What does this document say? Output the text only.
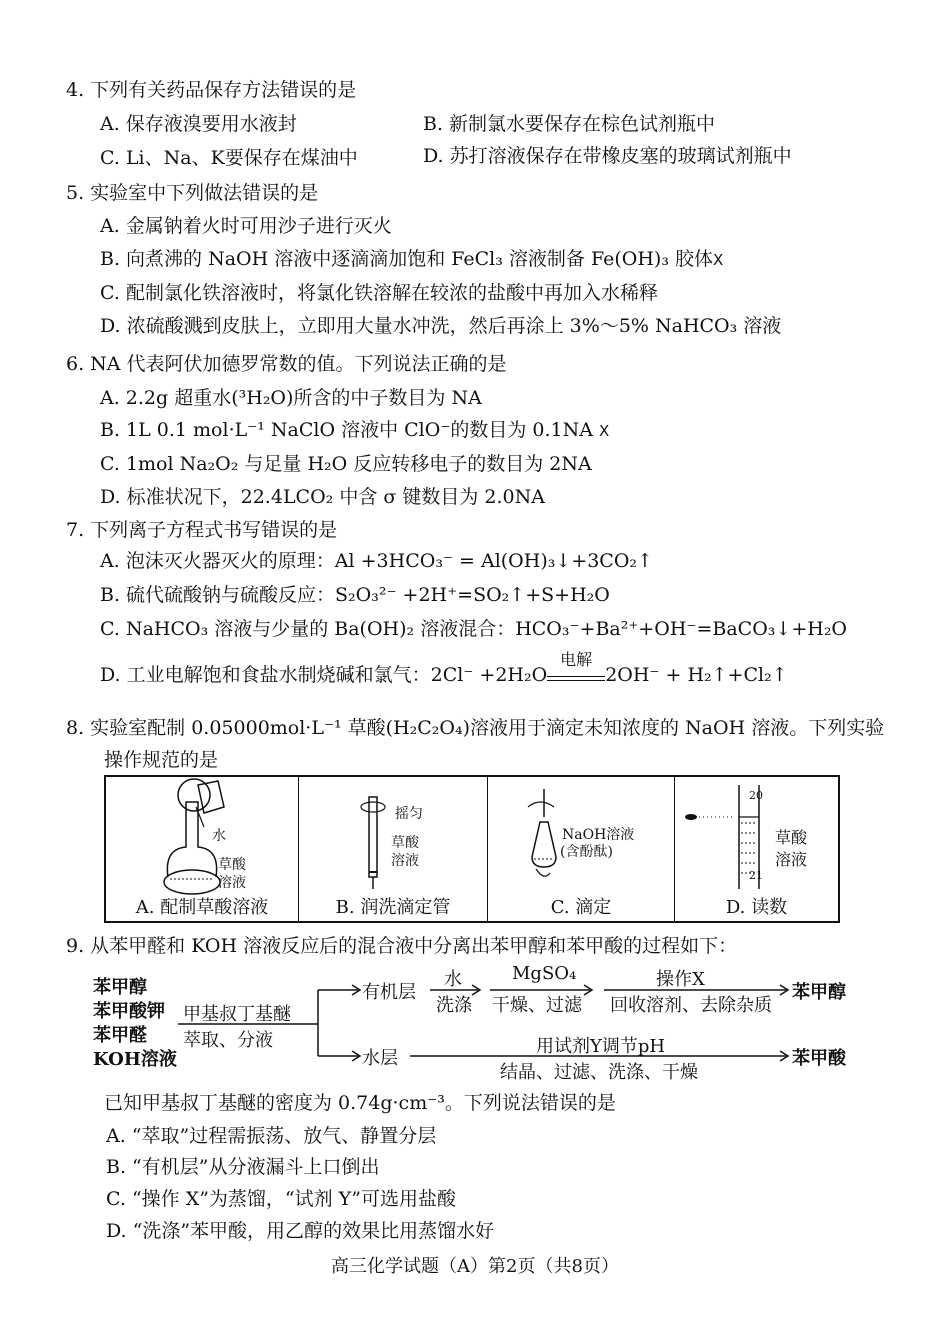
4. 下列有关药品保存方法错误的是
A. 保存液溴要用水液封	B. 新制氯水要保存在棕色试剂瓶中
C. Li、Na、K要保存在煤油中	D. 苏打溶液保存在带橡皮塞的玻璃试剂瓶中
5. 实验室中下列做法错误的是
A. 金属钠着火时可用沙子进行灭火
B. 向煮沸的 NaOH 溶液中逐滴滴加饱和 FeCl₃ 溶液制备 Fe(OH)₃ 胶体X
C. 配制氯化铁溶液时，将氯化铁溶解在较浓的盐酸中再加入水稀释
D. 浓硫酸溅到皮肤上，立即用大量水冲洗，然后再涂上 3%～5% NaHCO₃ 溶液
6. NA 代表阿伏加德罗常数的值。下列说法正确的是
A. 2.2g 超重水(³H₂O)所含的中子数目为 NA
B. 1L 0.1 mol·L⁻¹ NaClO 溶液中 ClO⁻的数目为 0.1NA X
C. 1mol Na₂O₂ 与足量 H₂O 反应转移电子的数目为 2NA
D. 标准状况下，22.4LCO₂ 中含 σ 键数目为 2.0NA
7. 下列离子方程式书写错误的是
A. 泡沫灭火器灭火的原理：Al +3HCO₃⁻ = Al(OH)₃↓+3CO₂↑
B. 硫代硫酸钠与硫酸反应：S₂O₃²⁻ +2H⁺=SO₂↑+S+H₂O
C. NaHCO₃ 溶液与少量的 Ba(OH)₂ 溶液混合：HCO₃⁻+Ba²⁺+OH⁻=BaCO₃↓+H₂O
D. 工业电解饱和食盐水制烧碱和氯气：2Cl⁻ +2H₂O
电解
2OH⁻ + H₂↑+Cl₂↑
8. 实验室配制 0.05000mol·L⁻¹ 草酸(H₂C₂O₄)溶液用于滴定未知浓度的 NaOH 溶液。下列实验
操作规范的是
水
草酸
溶液
A. 配制草酸溶液

摇匀
草酸
溶液
B. 润洗滴定管

NaOH溶液
(含酚酞)
C. 滴定

20
21
草酸
溶液
D. 读数
9. 从苯甲醛和 KOH 溶液反应后的混合液中分离出苯甲醇和苯甲酸的过程如下：
苯甲醇
苯甲酸钾
苯甲醛
KOH溶液
甲基叔丁基醚
萃取、分液
有机层
水
洗涤
MgSO₄
干燥、过滤
操作X
回收溶剂、去除杂质
苯甲醇
水层
用试剂Y调节pH
结晶、过滤、洗涤、干燥
苯甲酸
已知甲基叔丁基醚的密度为 0.74g·cm⁻³。下列说法错误的是
A. “萃取”过程需振荡、放气、静置分层
B. “有机层”从分液漏斗上口倒出
C. “操作 X”为蒸馏，“试剂 Y”可选用盐酸
D. “洗涤”苯甲酸，用乙醇的效果比用蒸馏水好
高三化学试题（A）第2页（共8页）
